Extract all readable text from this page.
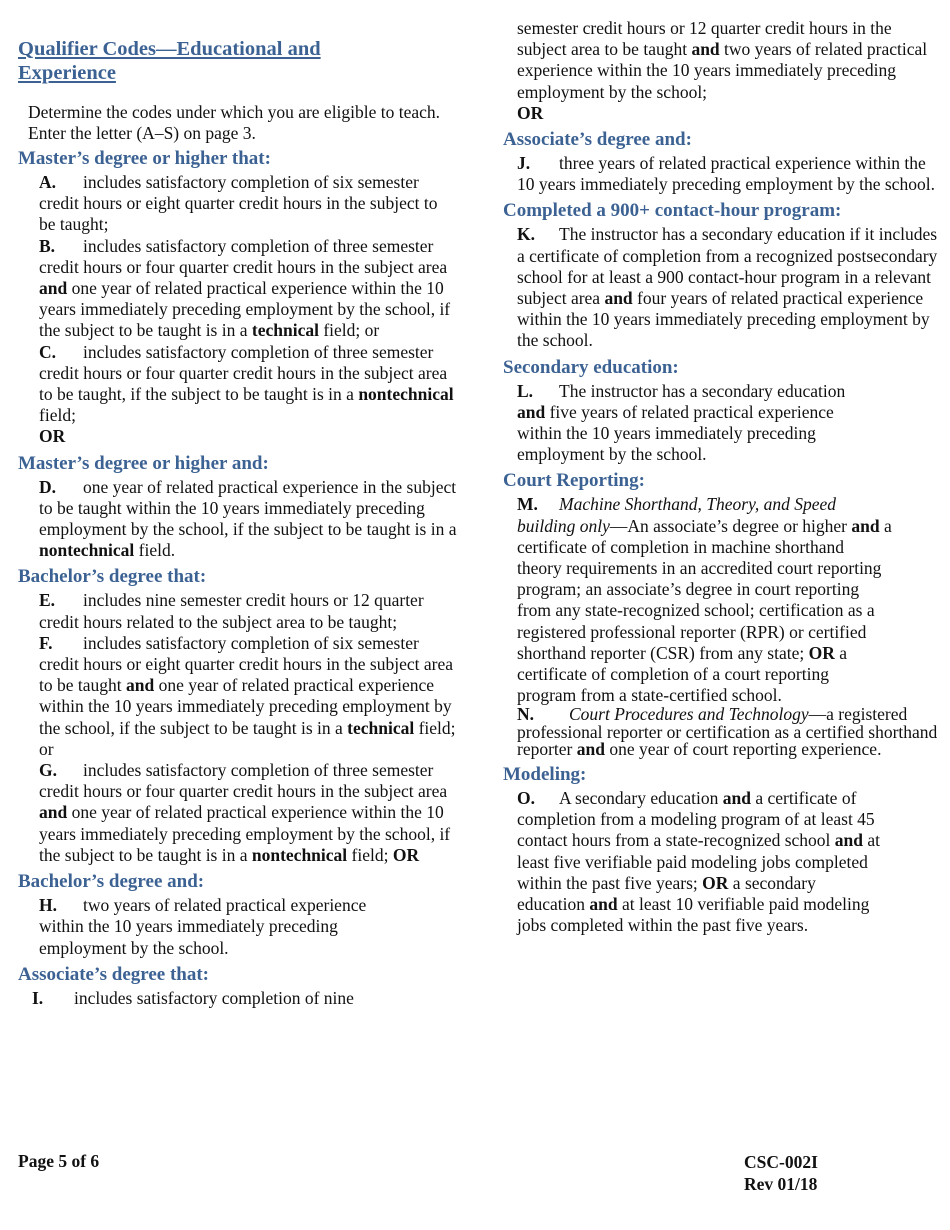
Qualifier Codes—Educational and Experience
Determine the codes under which you are eligible to teach. Enter the letter (A–S) on page 3.
Master’s degree or higher that:
A. includes satisfactory completion of six semester credit hours or eight quarter credit hours in the subject to be taught;
B. includes satisfactory completion of three semester credit hours or four quarter credit hours in the subject area and one year of related practical experience within the 10 years immediately preceding employment by the school, if the subject to be taught is in a technical field; or
C. includes satisfactory completion of three semester credit hours or four quarter credit hours in the subject area to be taught, if the subject to be taught is in a nontechnical field;
OR
Master’s degree or higher and:
D. one year of related practical experience in the subject to be taught within the 10 years immediately preceding employment by the school, if the subject to be taught is in a nontechnical field.
Bachelor’s degree that:
E. includes nine semester credit hours or 12 quarter credit hours related to the subject area to be taught;
F. includes satisfactory completion of six semester credit hours or eight quarter credit hours in the subject area to be taught and one year of related practical experience within the 10 years immediately preceding employment by the school, if the subject to be taught is in a technical field; or
G. includes satisfactory completion of three semester credit hours or four quarter credit hours in the subject area and one year of related practical experience within the 10 years immediately preceding employment by the school, if the subject to be taught is in a nontechnical field; OR
Bachelor’s degree and:
H. two years of related practical experience within the 10 years immediately preceding employment by the school.
Associate’s degree that:
I. includes satisfactory completion of nine
semester credit hours or 12 quarter credit hours in the subject area to be taught and two years of related practical experience within the 10 years immediately preceding employment by the school;
OR
Associate’s degree and:
J. three years of related practical experience within the 10 years immediately preceding employment by the school.
Completed a 900+ contact-hour program:
K. The instructor has a secondary education if it includes a certificate of completion from a recognized postsecondary school for at least a 900 contact-hour program in a relevant subject area and four years of related practical experience within the 10 years immediately preceding employment by the school.
Secondary education:
L. The instructor has a secondary education and five years of related practical experience within the 10 years immediately preceding employment by the school.
Court Reporting:
M. Machine Shorthand, Theory, and Speed building only—An associate’s degree or higher and a certificate of completion in machine shorthand theory requirements in an accredited court reporting program; an associate’s degree in court reporting from any state-recognized school; certification as a registered professional reporter (RPR) or certified shorthand reporter (CSR) from any state; OR a certificate of completion of a court reporting program from a state-certified school.
N. Court Procedures and Technology—a registered professional reporter or certification as a certified shorthand reporter and one year of court reporting experience.
Modeling:
O. A secondary education and a certificate of completion from a modeling program of at least 45 contact hours from a state-recognized school and at least five verifiable paid modeling jobs completed within the past five years; OR a secondary education and at least 10 verifiable paid modeling jobs completed within the past five years.
Page 5 of 6	CSC-002I
Rev 01/18
